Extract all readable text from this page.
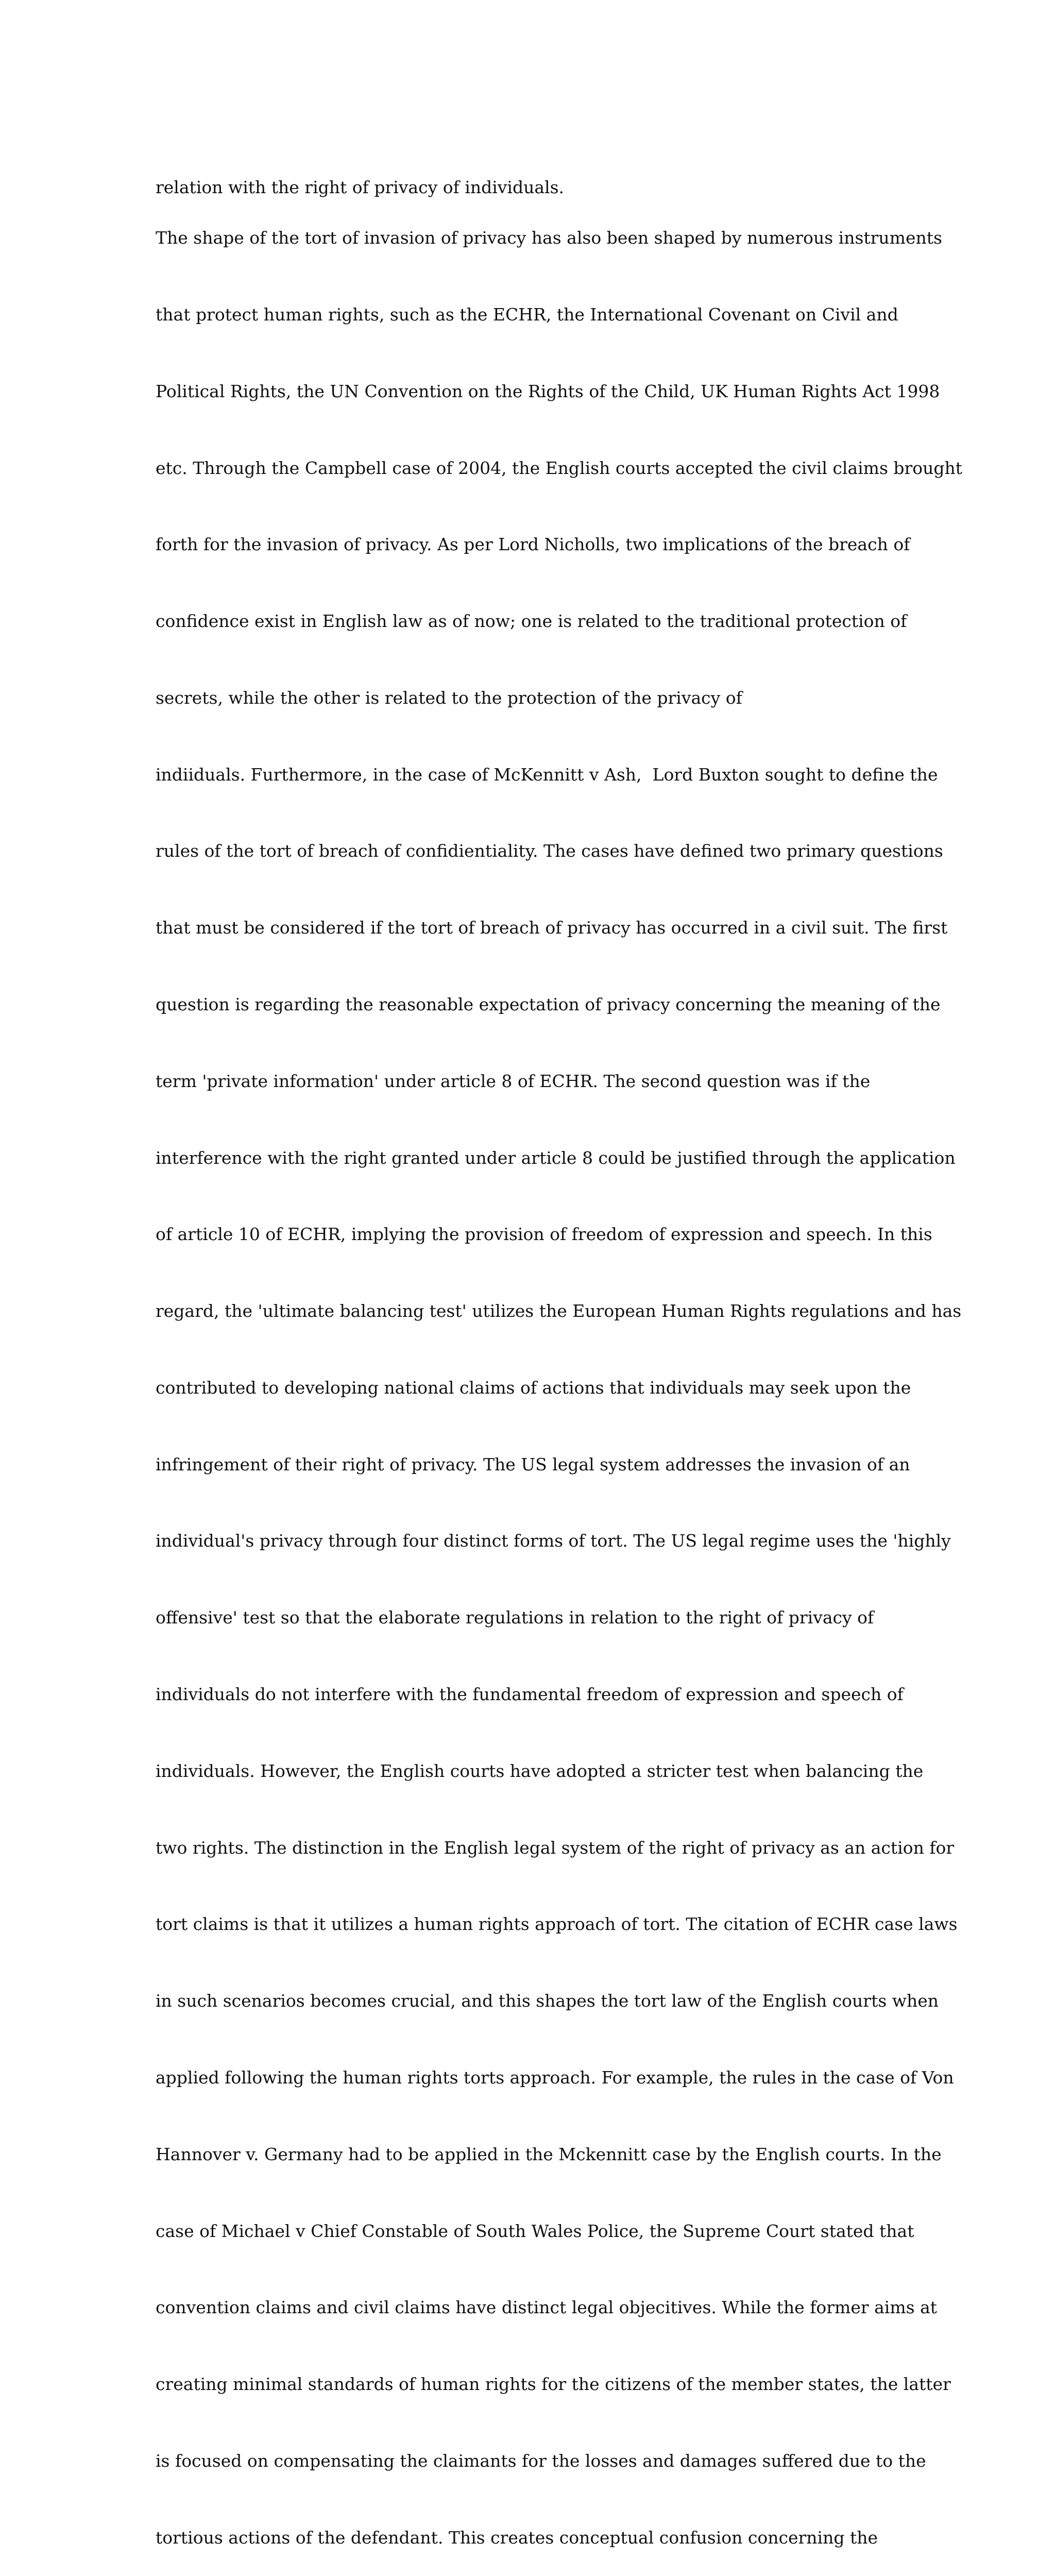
relation with the right of privacy of individuals.

The shape of the tort of invasion of privacy has also been shaped by numerous instruments

that protect human rights, such as the ECHR, the International Covenant on Civil and

Political Rights, the UN Convention on the Rights of the Child, UK Human Rights Act 1998

etc. Through the Campbell case of 2004, the English courts accepted the civil claims brought

forth for the invasion of privacy. As per Lord Nicholls, two implications of the breach of

confidence exist in English law as of now; one is related to the traditional protection of

secrets, while the other is related to the protection of the privacy of

indiiduals. Furthermore, in the case of McKennitt v Ash,  Lord Buxton sought to define the

rules of the tort of breach of confidientiality. The cases have defined two primary questions

that must be considered if the tort of breach of privacy has occurred in a civil suit. The first

question is regarding the reasonable expectation of privacy concerning the meaning of the

term 'private information' under article 8 of ECHR. The second question was if the

interference with the right granted under article 8 could be justified through the application

of article 10 of ECHR, implying the provision of freedom of expression and speech. In this

regard, the 'ultimate balancing test' utilizes the European Human Rights regulations and has

contributed to developing national claims of actions that individuals may seek upon the

infringement of their right of privacy. The US legal system addresses the invasion of an

individual's privacy through four distinct forms of tort. The US legal regime uses the 'highly

offensive' test so that the elaborate regulations in relation to the right of privacy of

individuals do not interfere with the fundamental freedom of expression and speech of

individuals. However, the English courts have adopted a stricter test when balancing the

two rights. The distinction in the English legal system of the right of privacy as an action for

tort claims is that it utilizes a human rights approach of tort. The citation of ECHR case laws

in such scenarios becomes crucial, and this shapes the tort law of the English courts when

applied following the human rights torts approach. For example, the rules in the case of Von

Hannover v. Germany had to be applied in the Mckennitt case by the English courts. In the

case of Michael v Chief Constable of South Wales Police, the Supreme Court stated that

convention claims and civil claims have distinct legal objecitives. While the former aims at

creating minimal standards of human rights for the citizens of the member states, the latter

is focused on compensating the claimants for the losses and damages suffered due to the

tortious actions of the defendant. This creates conceptual confusion concerning the
